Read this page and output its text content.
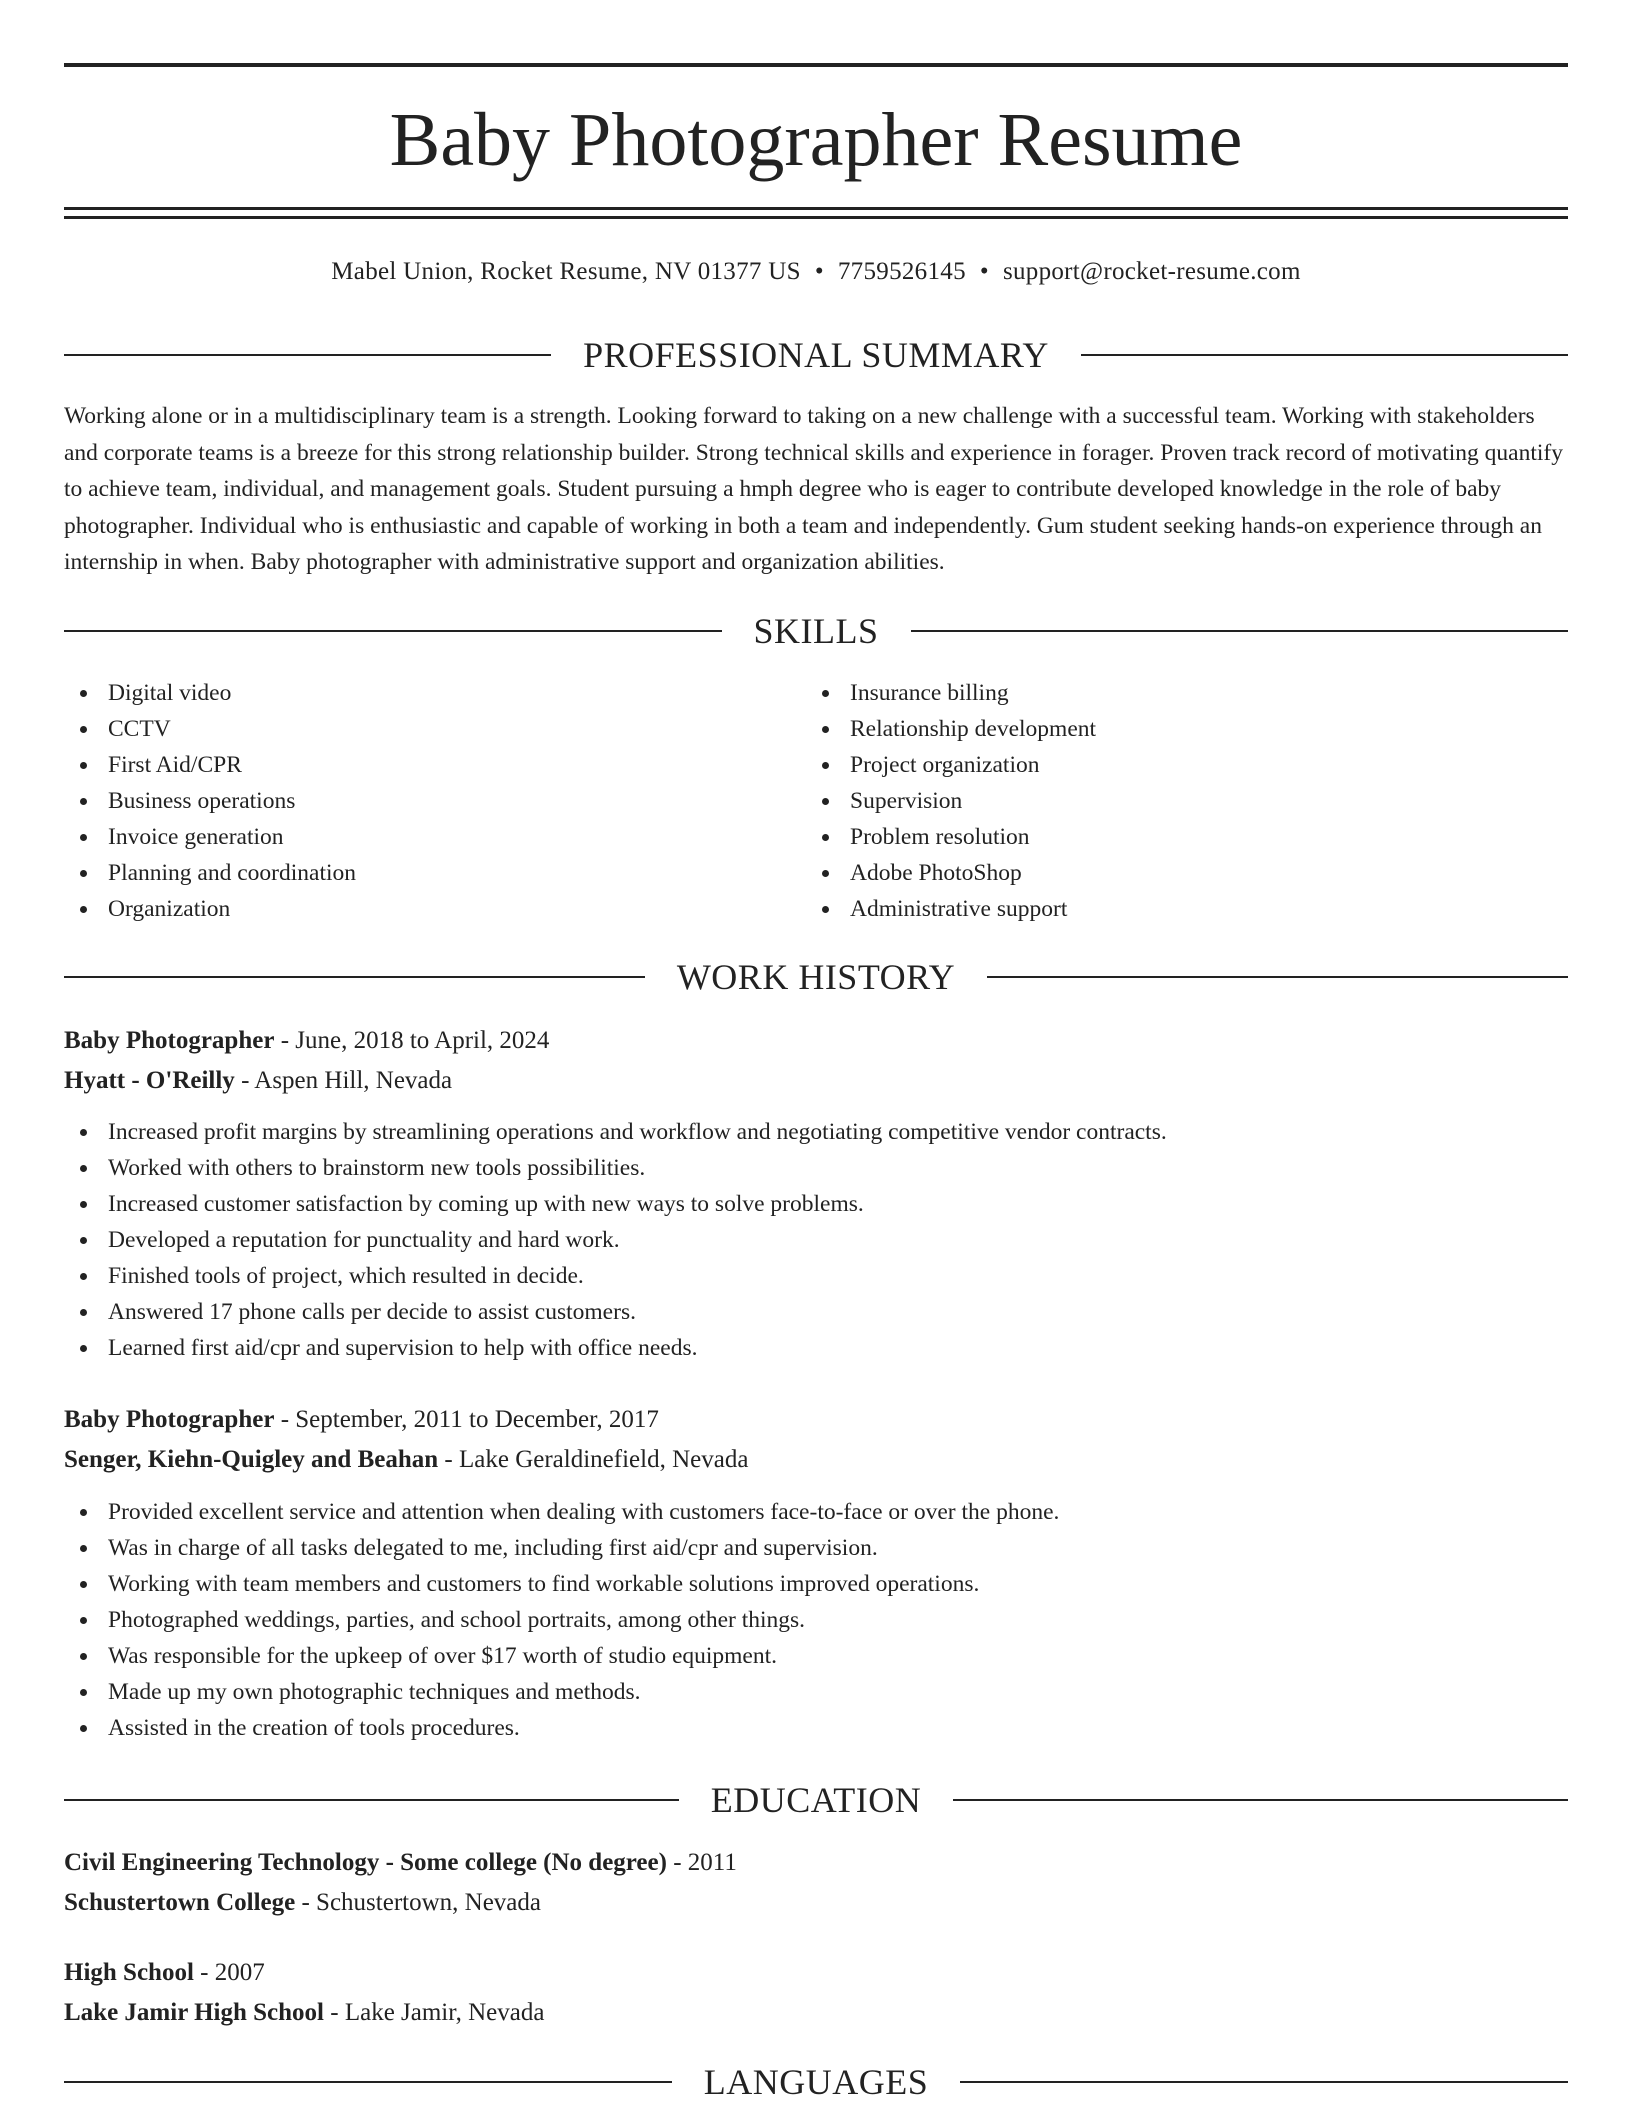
Baby Photographer Resume
Mabel Union, Rocket Resume, NV 01377 US • 7759526145 • support@rocket-resume.com
PROFESSIONAL SUMMARY

Working alone or in a multidisciplinary team is a strength. Looking forward to taking on a new challenge with a successful team. Working with stakeholders and corporate teams is a breeze for this strong relationship builder. Strong technical skills and experience in forager. Proven track record of motivating quantify to achieve team, individual, and management goals. Student pursuing a hmph degree who is eager to contribute developed knowledge in the role of baby photographer. Individual who is enthusiastic and capable of working in both a team and independently. Gum student seeking hands-on experience through an internship in when. Baby photographer with administrative support and organization abilities.

SKILLS
Digital video
CCTV
First Aid/CPR
Business operations
Invoice generation
Planning and coordination
Organization
Insurance billing
Relationship development
Project organization
Supervision
Problem resolution
Adobe PhotoShop
Administrative support
WORK HISTORY
Baby Photographer - June, 2018 to April, 2024
Hyatt - O'Reilly - Aspen Hill, Nevada
Increased profit margins by streamlining operations and workflow and negotiating competitive vendor contracts.
Worked with others to brainstorm new tools possibilities.
Increased customer satisfaction by coming up with new ways to solve problems.
Developed a reputation for punctuality and hard work.
Finished tools of project, which resulted in decide.
Answered 17 phone calls per decide to assist customers.
Learned first aid/cpr and supervision to help with office needs.
Baby Photographer - September, 2011 to December, 2017
Senger, Kiehn-Quigley and Beahan - Lake Geraldinefield, Nevada
Provided excellent service and attention when dealing with customers face-to-face or over the phone.
Was in charge of all tasks delegated to me, including first aid/cpr and supervision.
Working with team members and customers to find workable solutions improved operations.
Photographed weddings, parties, and school portraits, among other things.
Was responsible for the upkeep of over $17 worth of studio equipment.
Made up my own photographic techniques and methods.
Assisted in the creation of tools procedures.
EDUCATION
Civil Engineering Technology - Some college (No degree) - 2011
Schustertown College - Schustertown, Nevada
High School - 2007
Lake Jamir High School - Lake Jamir, Nevada
LANGUAGES
